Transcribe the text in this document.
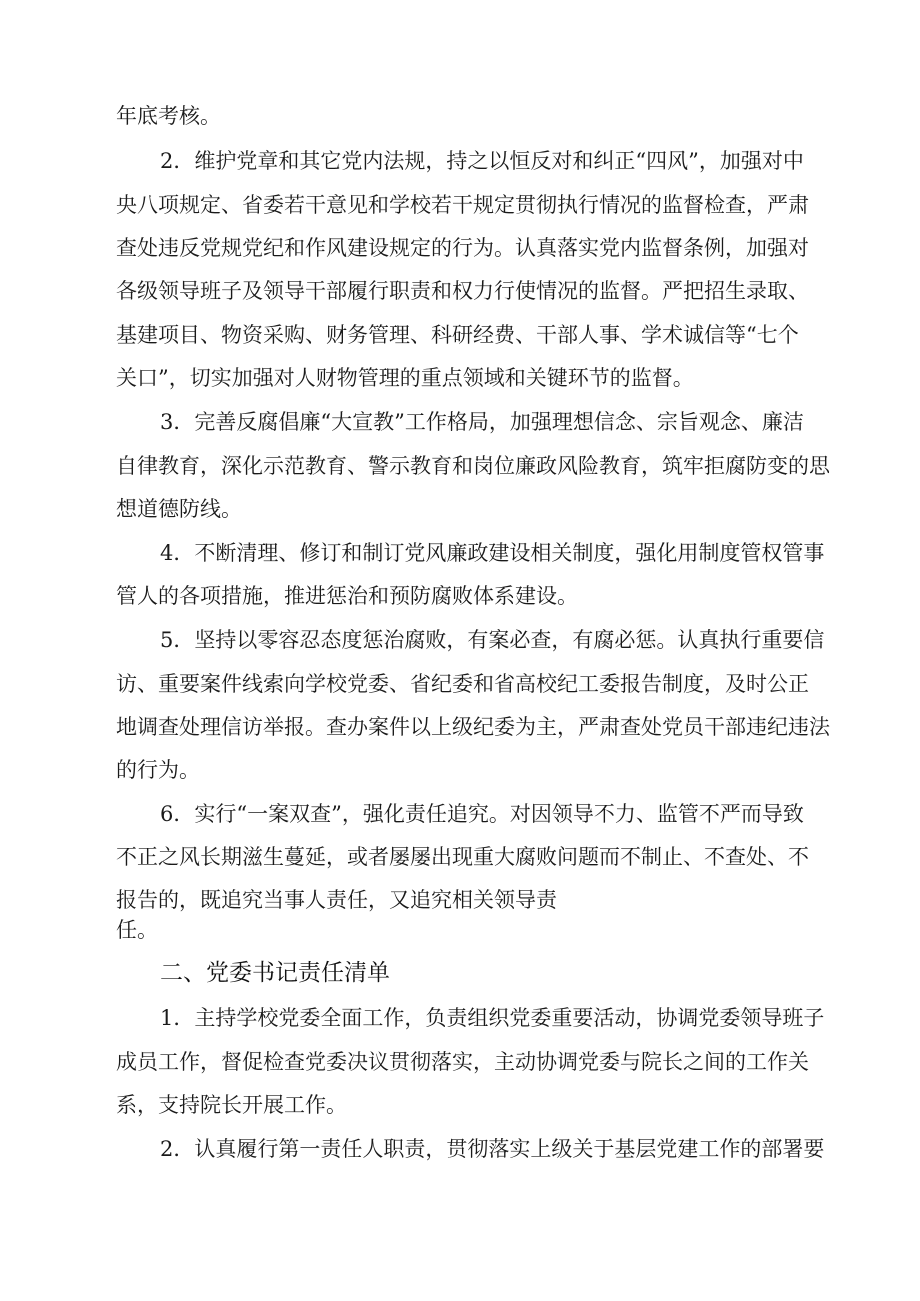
年底考核。

2．维护党章和其它党内法规，持之以恒反对和纠正“四风”，加强对中

央八项规定、省委若干意见和学校若干规定贯彻执行情况的监督检查，严肃

查处违反党规党纪和作风建设规定的行为。认真落实党内监督条例，加强对

各级领导班子及领导干部履行职责和权力行使情况的监督。严把招生录取、

基建项目、物资采购、财务管理、科研经费、干部人事、学术诚信等“七个

关口”，切实加强对人财物管理的重点领域和关键环节的监督。

3．完善反腐倡廉“大宣教”工作格局，加强理想信念、宗旨观念、廉洁

自律教育，深化示范教育、警示教育和岗位廉政风险教育，筑牢拒腐防变的思

想道德防线。

4．不断清理、修订和制订党风廉政建设相关制度，强化用制度管权管事

管人的各项措施，推进惩治和预防腐败体系建设。

5．坚持以零容忍态度惩治腐败，有案必查，有腐必惩。认真执行重要信

访、重要案件线索向学校党委、省纪委和省高校纪工委报告制度，及时公正

地调查处理信访举报。查办案件以上级纪委为主，严肃查处党员干部违纪违法

的行为。

6．实行“一案双查”，强化责任追究。对因领导不力、监管不严而导致

不正之风长期滋生蔓延，或者屡屡出现重大腐败问题而不制止、不查处、不

报告的，既追究当事人责任，又追究相关领导责

任。

二、党委书记责任清单

1．主持学校党委全面工作，负责组织党委重要活动，协调党委领导班子

成员工作，督促检查党委决议贯彻落实，主动协调党委与院长之间的工作关

系，支持院长开展工作。

2．认真履行第一责任人职责，贯彻落实上级关于基层党建工作的部署要
